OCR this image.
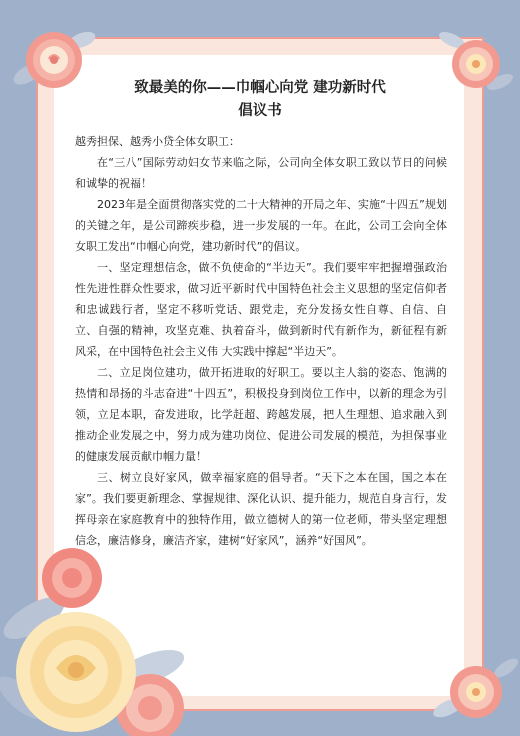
致最美的你——巾帼心向党 建功新时代
倡议书

越秀担保、越秀小贷全体女职工：

在“三八”国际劳动妇女节来临之际，公司向全体女职工致以节日的问候和诚挚的祝福！

2023年是全面贯彻落实党的二十大精神的开局之年、实施“十四五”规划的关键之年，是公司蹄疾步稳，进一步发展的一年。在此，公司工会向全体女职工发出“巾帼心向党，建功新时代”的倡议。

一、坚定理想信念，做不负使命的“半边天”。我们要牢牢把握增强政治性先进性群众性要求，做习近平新时代中国特色社会主义思想的坚定信仰者和忠诚践行者，坚定不移听党话、跟党走，充分发扬女性自尊、自信、自立、自强的精神，攻坚克难、执着奋斗，做到新时代有新作为，新征程有新风采，在中国特色社会主义伟 大实践中撑起“半边天”。

二、立足岗位建功，做开拓进取的好职工。要以主人翁的姿态、饱满的热情和昂扬的斗志奋进“十四五”，积极投身到岗位工作中，以新的理念为引领，立足本职，奋发进取，比学赶超、跨越发展，把人生理想、追求融入到推动企业发展之中，努力成为建功岗位、促进公司发展的模范，为担保事业的健康发展贡献巾帼力量！

三、树立良好家风，做幸福家庭的倡导者。“天下之本在国，国之本在家”。我们要更新理念、掌握规律、深化认识、提升能力，规范自身言行，发挥母亲在家庭教育中的独特作用，做立德树人的第一位老师，带头坚定理想信念，廉洁修身，廉洁齐家，建树“好家风”，涵养“好国风”。
